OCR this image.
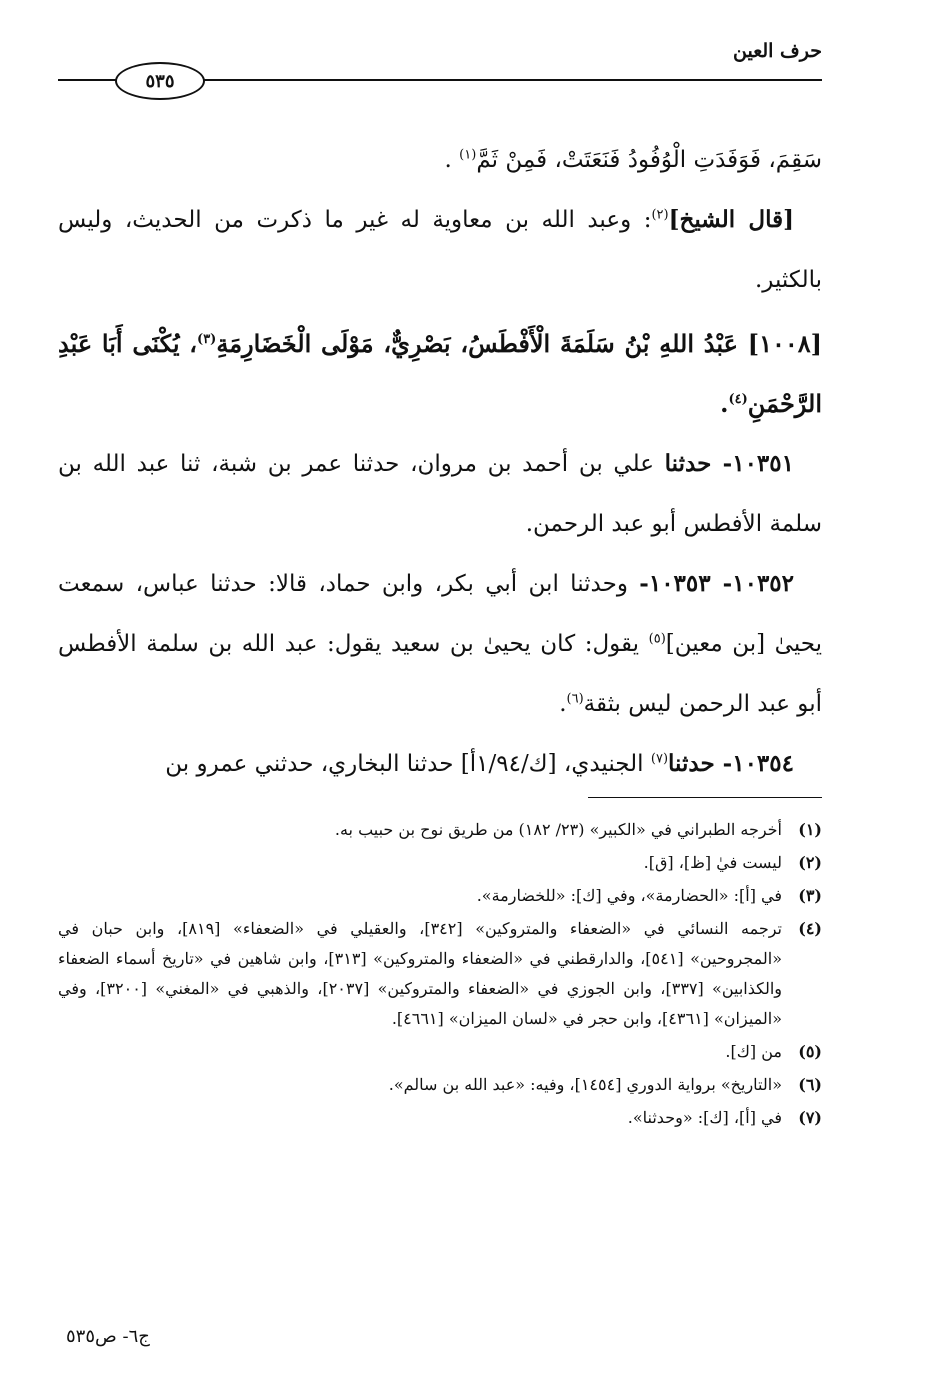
حرف العين
٥٣٥

سَقِمَ، فَوَفَدَتِ الْوُفُودُ فَنَعَتَتْ، فَمِنْ ثَمَّ$^{(١)}$ .

[قال الشيخ]$^{(٢)}$: وعبد الله بن معاوية له غير ما ذكرت من الحديث، وليس بالكثير.

[١٠٠٨] عَبْدُ اللهِ بْنُ سَلَمَةَ الْأَفْطَسُ، بَصْرِيٌّ، مَوْلَى الْخَضَارِمَةِ$^{(٣)}$، يُكْنَى أَبَا عَبْدِ الرَّحْمَنِ$^{(٤)}$.

١٠٣٥١- حدثنا علي بن أحمد بن مروان، حدثنا عمر بن شبة، ثنا عبد الله بن سلمة الأفطس أبو عبد الرحمن.

١٠٣٥٢- ١٠٣٥٣- وحدثنا ابن أبي بكر، وابن حماد، قالا: حدثنا عباس، سمعت يحيىٰ [بن معين]$^{(٥)}$ يقول: كان يحيىٰ بن سعيد يقول: عبد الله بن سلمة الأفطس أبو عبد الرحمن ليس بثقة$^{(٦)}$.

١٠٣٥٤- حدثنا$^{(٧)}$ الجنيدي، [ك/١/٩٤أ] حدثنا البخاري، حدثني عمرو بن

(١)
أخرجه الطبراني في «الكبير» (٢٣/ ١٨٢) من طريق نوح بن حبيب به.
(٢)
ليست فيٰ [ظ]، [ق].
(٣)
في [أ]: «الحضارمة»، وفي [ك]: «للخضارمة».
(٤)
ترجمه النسائي في «الضعفاء والمتروكين» [٣٤٢]، والعقيلي في «الضعفاء» [٨١٩]، وابن حبان في «المجروحين» [٥٤١]، والدارقطني في «الضعفاء والمتروكين» [٣١٣]، وابن شاهين في «تاريخ أسماء الضعفاء والكذابين» [٣٣٧]، وابن الجوزي في «الضعفاء والمتروكين» [٢٠٣٧]، والذهبي في «المغني» [٣٢٠٠]، وفي «الميزان» [٤٣٦١]، وابن حجر في «لسان الميزان» [٤٦٦١].
(٥)
من [ك].
(٦)
«التاريخ» برواية الدوري [١٤٥٤]، وفيه: «عبد الله بن سالم».
(٧)
في [أ]، [ك]: «وحدثنا».
ج٦- ص٥٣٥
